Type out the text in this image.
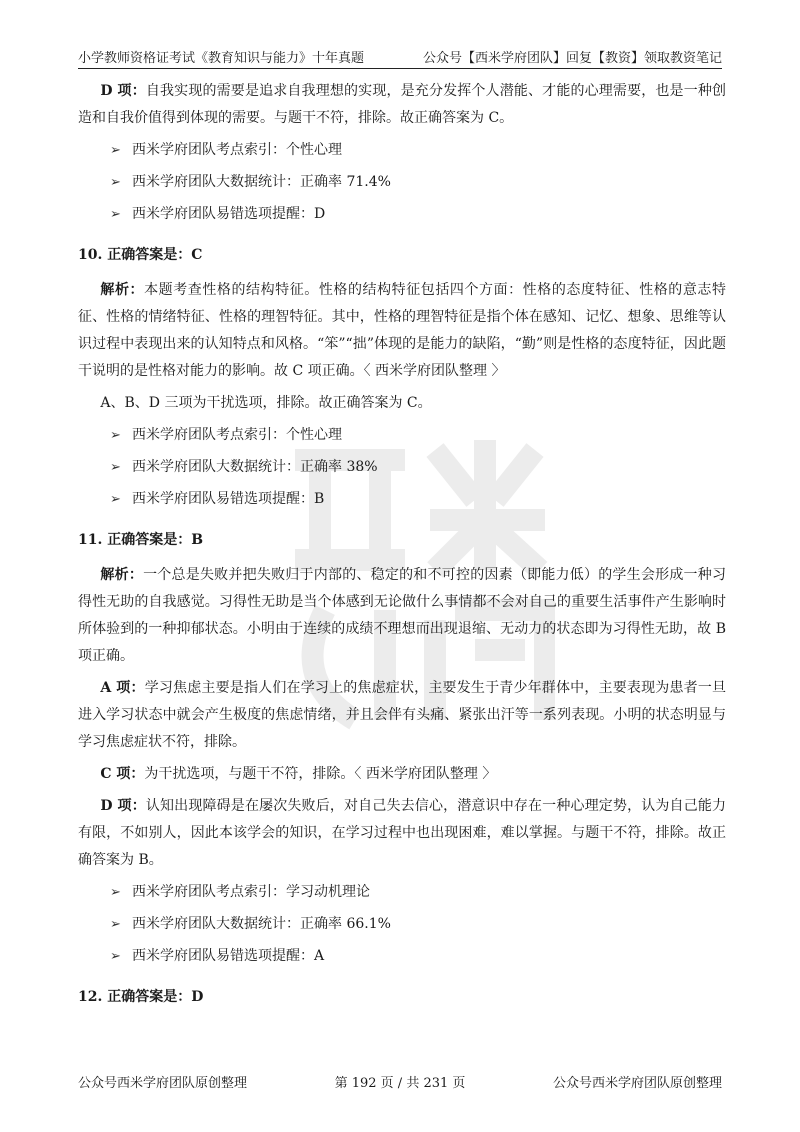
小学教师资格证考试《教育知识与能力》十年真题	公众号【西米学府团队】回复【教资】领取教资笔记

D 项：自我实现的需要是追求自我理想的实现，是充分发挥个人潜能、才能的心理需要，也是一种创造和自我价值得到体现的需要。与题干不符，排除。故正确答案为 C。

➢ 西米学府团队考点索引：个性心理
➢ 西米学府团队大数据统计：正确率 71.4%
➢ 西米学府团队易错选项提醒：D
10. 正确答案是：C

解析：本题考查性格的结构特征。性格的结构特征包括四个方面：性格的态度特征、性格的意志特征、性格的情绪特征、性格的理智特征。其中，性格的理智特征是指个体在感知、记忆、想象、思维等认识过程中表现出来的认知特点和风格。“笨”“拙”体现的是能力的缺陷，“勤”则是性格的态度特征，因此题干说明的是性格对能力的影响。故 C 项正确。〈 西米学府团队整理 〉

A、B、D 三项为干扰选项，排除。故正确答案为 C。

➢ 西米学府团队考点索引：个性心理
➢ 西米学府团队大数据统计：正确率 38%
➢ 西米学府团队易错选项提醒：B
11. 正确答案是：B

解析：一个总是失败并把失败归于内部的、稳定的和不可控的因素（即能力低）的学生会形成一种习得性无助的自我感觉。习得性无助是当个体感到无论做什么事情都不会对自己的重要生活事件产生影响时所体验到的一种抑郁状态。小明由于连续的成绩不理想而出现退缩、无动力的状态即为习得性无助，故 B 项正确。

A 项：学习焦虑主要是指人们在学习上的焦虑症状，主要发生于青少年群体中，主要表现为患者一旦进入学习状态中就会产生极度的焦虑情绪，并且会伴有头痛、紧张出汗等一系列表现。小明的状态明显与学习焦虑症状不符，排除。

C 项：为干扰选项，与题干不符，排除。〈 西米学府团队整理 〉

D 项：认知出现障碍是在屡次失败后，对自己失去信心，潜意识中存在一种心理定势，认为自己能力有限，不如别人，因此本该学会的知识，在学习过程中也出现困难，难以掌握。与题干不符，排除。故正确答案为 B。

➢ 西米学府团队考点索引：学习动机理论
➢ 西米学府团队大数据统计：正确率 66.1%
➢ 西米学府团队易错选项提醒：A
12. 正确答案是：D
公众号西米学府团队原创整理	第 192 页 / 共 231 页	公众号西米学府团队原创整理
